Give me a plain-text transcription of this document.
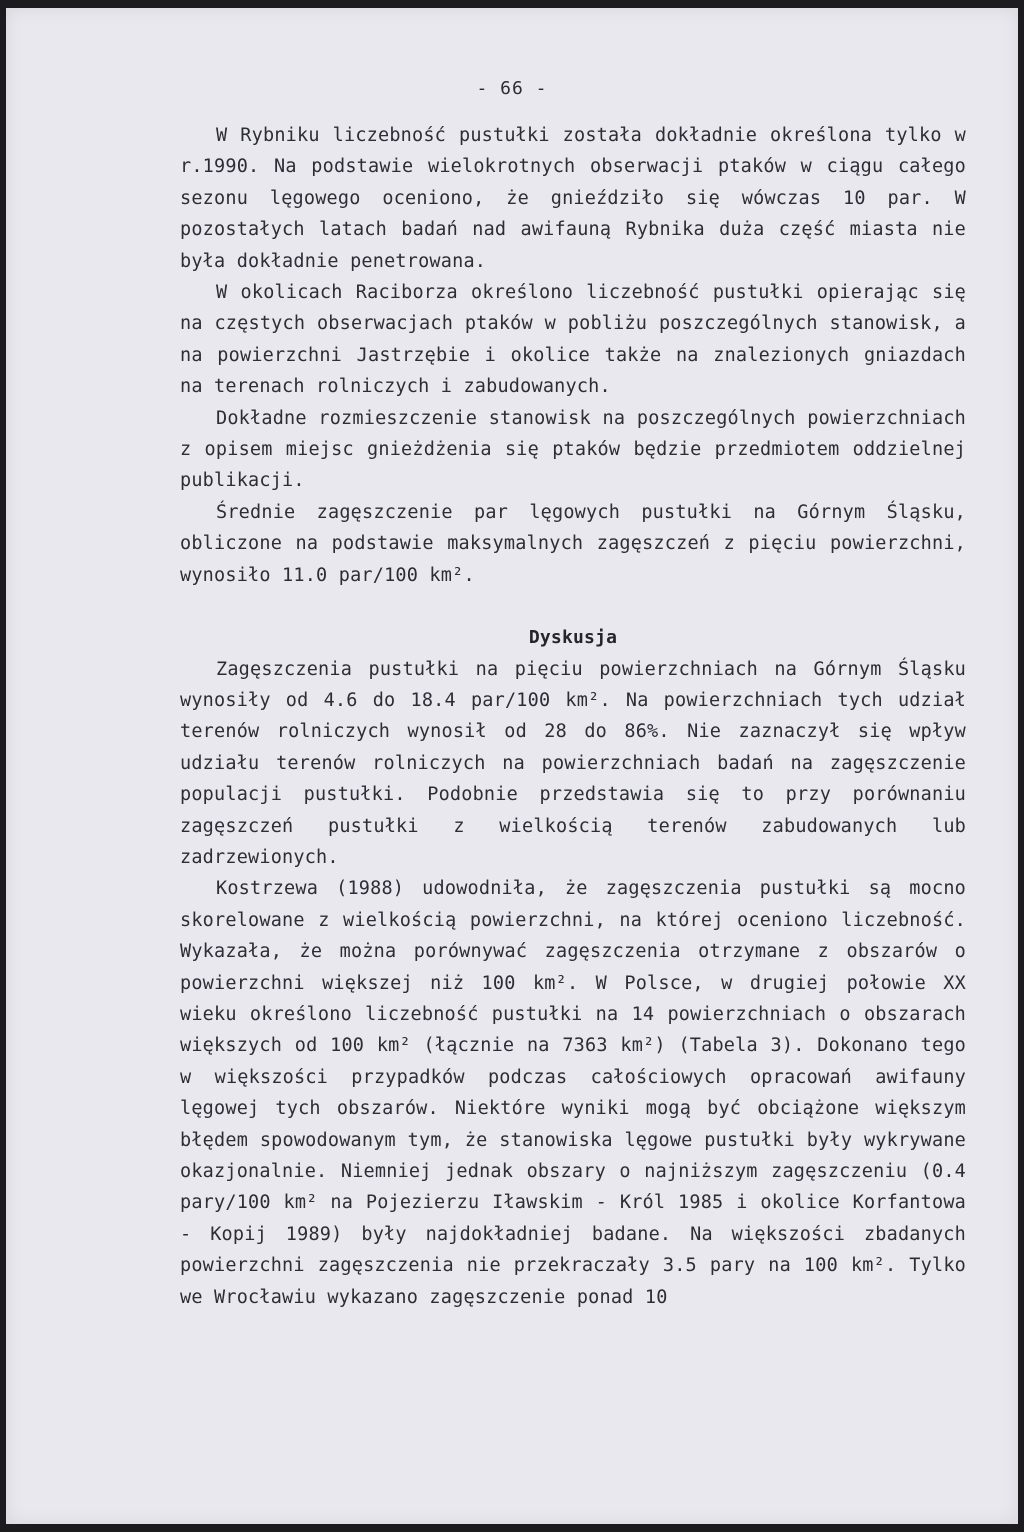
- 66 -

W Rybniku liczebność pustułki została dokładnie określona tylko w r.1990. Na podstawie wielokrotnych obserwacji ptaków w ciągu całego sezonu lęgowego oceniono, że gnieździło się wówczas 10 par. W pozostałych latach badań nad awifauną Rybnika duża część miasta nie była dokładnie penetrowana.

W okolicach Raciborza określono liczebność pustułki opierając się na częstych obserwacjach ptaków w pobliżu poszczególnych stanowisk, a na powierzchni Jastrzębie i okolice także na znalezionych gniazdach na terenach rolniczych i zabudowanych.

Dokładne rozmieszczenie stanowisk na poszczególnych powierzchniach z opisem miejsc gnieżdżenia się ptaków będzie przedmiotem oddzielnej publikacji.

Średnie zagęszczenie par lęgowych pustułki na Górnym Śląsku, obliczone na podstawie maksymalnych zagęszczeń z pięciu powierzchni, wynosiło 11.0 par/100 km².

Dyskusja

Zagęszczenia pustułki na pięciu powierzchniach na Górnym Śląsku wynosiły od 4.6 do 18.4 par/100 km². Na powierzchniach tych udział terenów rolniczych wynosił od 28 do 86%. Nie zaznaczył się wpływ udziału terenów rolniczych na powierzchniach badań na zagęszczenie populacji pustułki. Podobnie przedstawia się to przy porównaniu zagęszczeń pustułki z wielkością terenów zabudowanych lub zadrzewionych.

Kostrzewa (1988) udowodniła, że zagęszczenia pustułki są mocno skorelowane z wielkością powierzchni, na której oceniono liczebność. Wykazała, że można porównywać zagęszczenia otrzymane z obszarów o powierzchni większej niż 100 km². W Polsce, w drugiej połowie XX wieku określono liczebność pustułki na 14 powierzchniach o obszarach większych od 100 km² (łącznie na 7363 km²) (Tabela 3). Dokonano tego w większości przypadków podczas całościowych opracowań awifauny lęgowej tych obszarów. Niektóre wyniki mogą być obciążone większym błędem spowodowanym tym, że stanowiska lęgowe pustułki były wykrywane okazjonalnie. Niemniej jednak obszary o najniższym zagęszczeniu (0.4 pary/100 km² na Pojezierzu Iławskim - Król 1985 i okolice Korfantowa - Kopij 1989) były najdokładniej badane. Na większości zbadanych powierzchni zagęszczenia nie przekraczały 3.5 pary na 100 km². Tylko we Wrocławiu wykazano zagęszczenie ponad 10
